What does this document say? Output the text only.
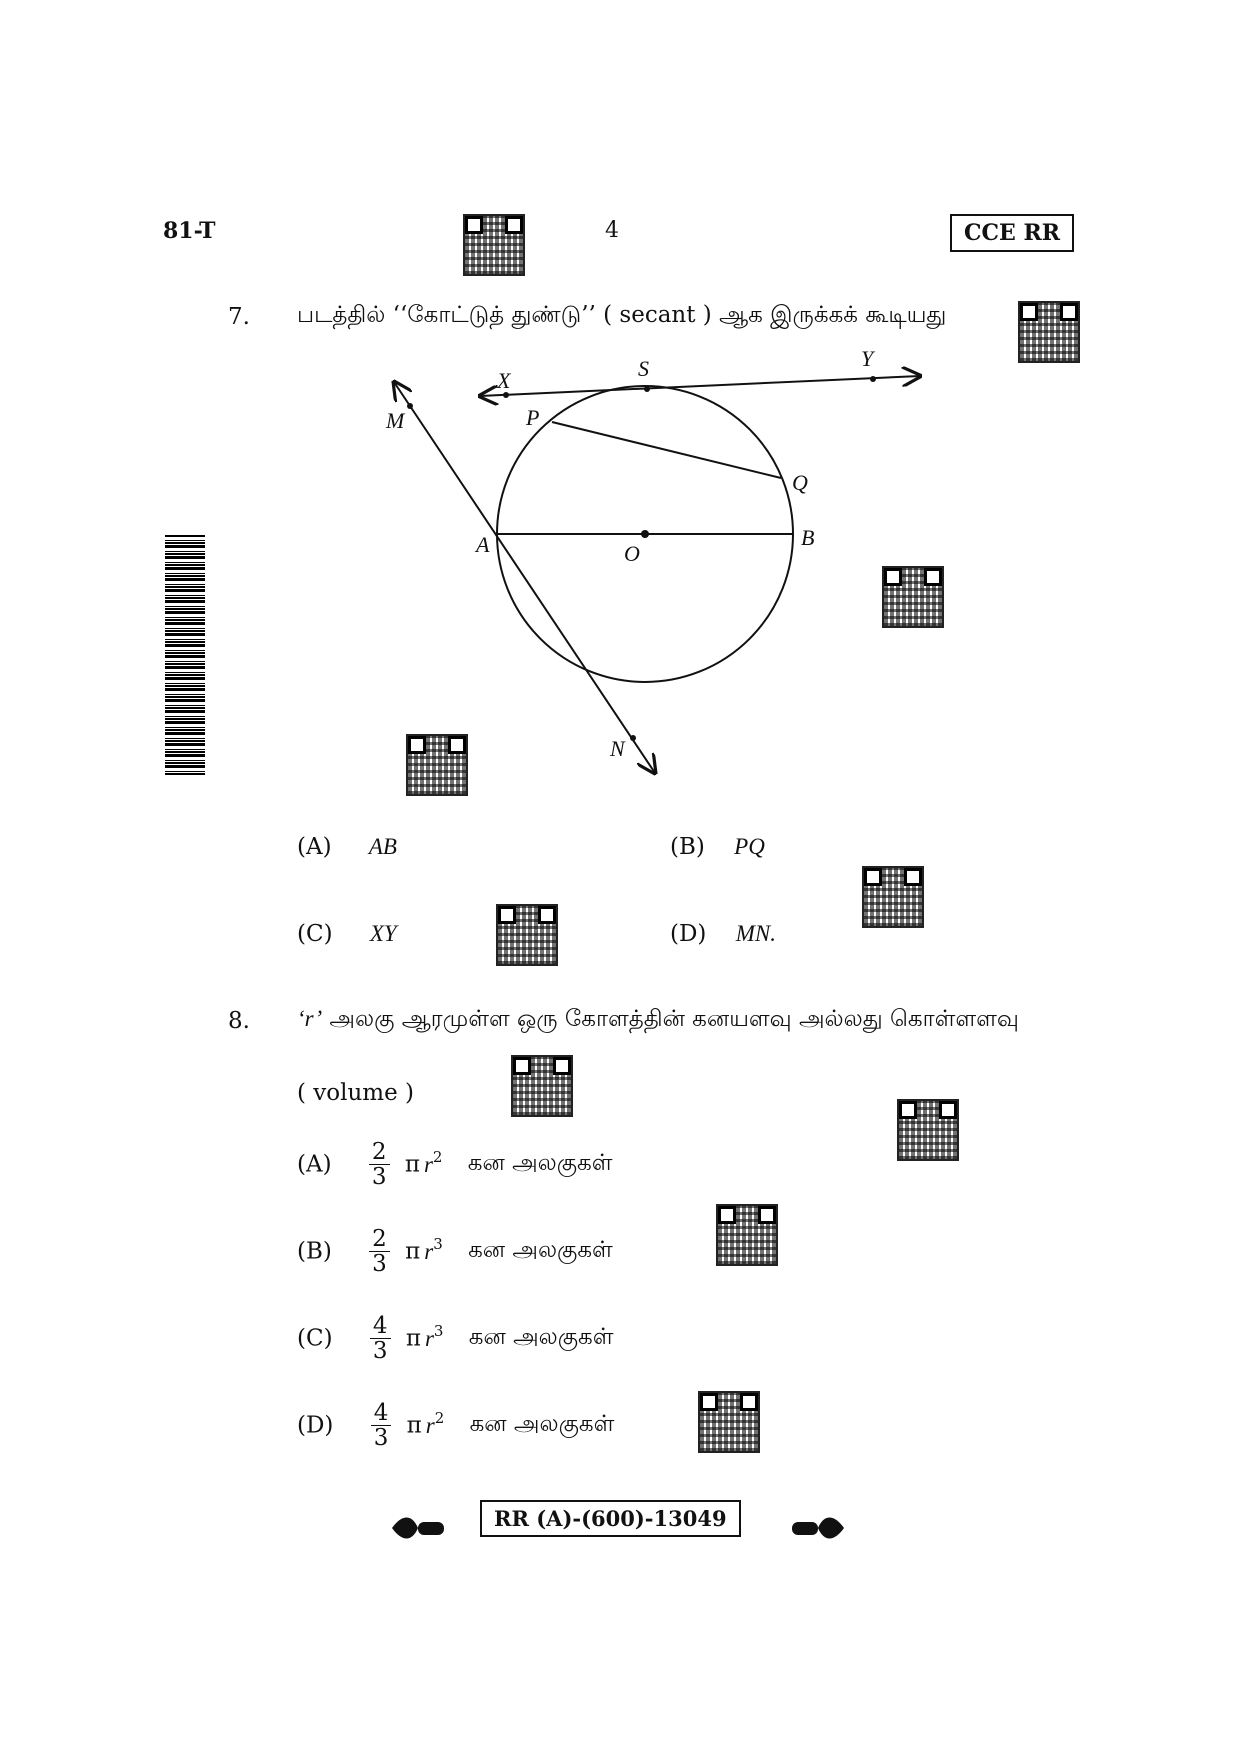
81-T	4	CCE RR
7. படத்தில் ‘‘கோட்டுத் துண்டு’’ ( secant ) ஆக இருக்கக் கூடியது
X	S	Y
M	P
Q
A	O
B
N
(A) AB	(B) PQ
(C) XY	(D) MN.
8. ‘r’ அலகு ஆரமுள்ள ஒரு கோளத்தின் கனயளவு அல்லது கொள்ளளவு
( volume )
$(A) \frac{2}{3}$ π $r^2$ கன அலகுகள்
$(B) \frac{2}{3}$ π $r^3$ கன அலகுகள்
$(C) \frac{4}{3}$ π $r^3$ கன அலகுகள்
$(D) \frac{4}{3}$ π $r^2$ கன அலகுகள்
RR (A)-(600)-13049
